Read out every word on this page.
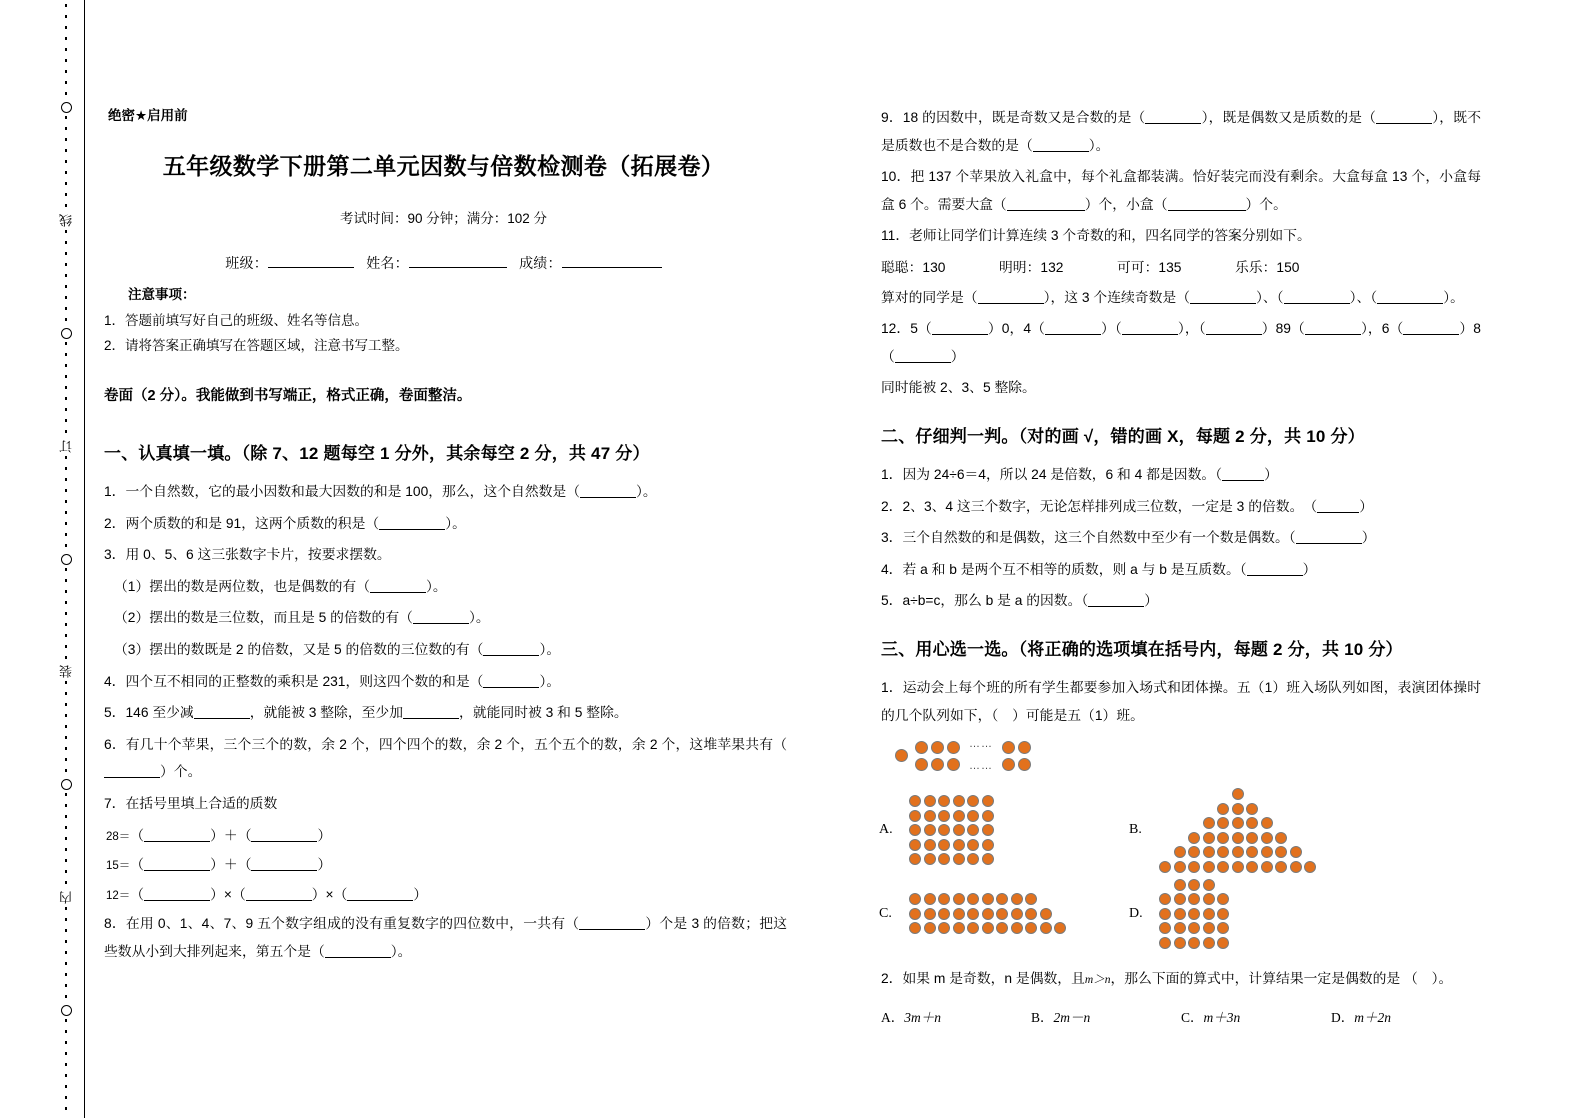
线
订
装
内
绝密★启用前
五年级数学下册第二单元因数与倍数检测卷（拓展卷）
考试时间：90 分钟；满分：102 分
班级：	姓名：	成绩：
注意事项：
1．答题前填写好自己的班级、姓名等信息。
2．请将答案正确填写在答题区域，注意书写工整。
卷面（2 分）。我能做到书写端正，格式正确，卷面整洁。
一、认真填一填。（除 7、12 题每空 1 分外，其余每空 2 分，共 47 分）
1．一个自然数，它的最小因数和最大因数的和是 100，那么，这个自然数是（	）。
2．两个质数的和是 91，这两个质数的积是（	）。
3．用 0、5、6 这三张数字卡片，按要求摆数。
（1）摆出的数是两位数，也是偶数的有（	）。
（2）摆出的数是三位数，而且是 5 的倍数的有（	）。
（3）摆出的数既是 2 的倍数，又是 5 的倍数的三位数的有（	）。
4．四个互不相同的正整数的乘积是 231，则这四个数的和是（	）。
5．146 至少减	，就能被 3 整除，至少加	，就能同时被 3 和 5 整除。
6．有几十个苹果，三个三个的数，余 2 个，四个四个的数，余 2 个，五个五个的数，余 2 个，这堆苹果共有（）个。
7．在括号里填上合适的质数
28＝（	）＋（	）
15＝（	）＋（	）
12＝（	）×（	）×（	）
8．在用 0、1、4、7、9 五个数字组成的没有重复数字的四位数中，一共有（	）个是 3 的倍数；把这些数从小到大排列起来，第五个是（	）。
9．18 的因数中，既是奇数又是合数的是（	），既是偶数又是质数的是（	），既不是质数也不是合数的是（	）。
10．把 137 个苹果放入礼盒中，每个礼盒都装满。恰好装完而没有剩余。大盒每盒 13 个，小盒每盒 6 个。需要大盒（	）个，小盒（	）个。
11．老师让同学们计算连续 3 个奇数的和，四名同学的答案分别如下。
聪聪：130	明明：132	可可：135	乐乐：150
算对的同学是（	），这 3 个连续奇数是（	）、（	）、（	）。
12．5（	）0，4（	）（	），（	）89（	），6（	）8（	）
同时能被 2、3、5 整除。
二、仔细判一判。（对的画 √，错的画 X，每题 2 分，共 10 分）
1．因为 24÷6＝4，所以 24 是倍数，6 和 4 都是因数。（	）
2．2、3、4 这三个数字，无论怎样排列成三位数，一定是 3 的倍数。　（	）
3．三个自然数的和是偶数，这三个自然数中至少有一个数是偶数。（	）
4．若 a 和 b 是两个互不相等的质数，则 a 与 b 是互质数。（	）
5．a÷b=c，那么 b 是 a 的因数。（	）
三、用心选一选。（将正确的选项填在括号内，每题 2 分，共 10 分）
1．运动会上每个班的所有学生都要参加入场式和团体操。五（1）班入场队列如图，表演团体操时的几个队列如下，（　）可能是五（1）班。
……
……
A.	B.
C.	D.
2．如果 m 是奇数，n 是偶数，且m＞n，那么下面的算式中，计算结果一定是偶数的是 （　）。
A．3m＋n	B．2m－n	C．m＋3n	D．m＋2n
